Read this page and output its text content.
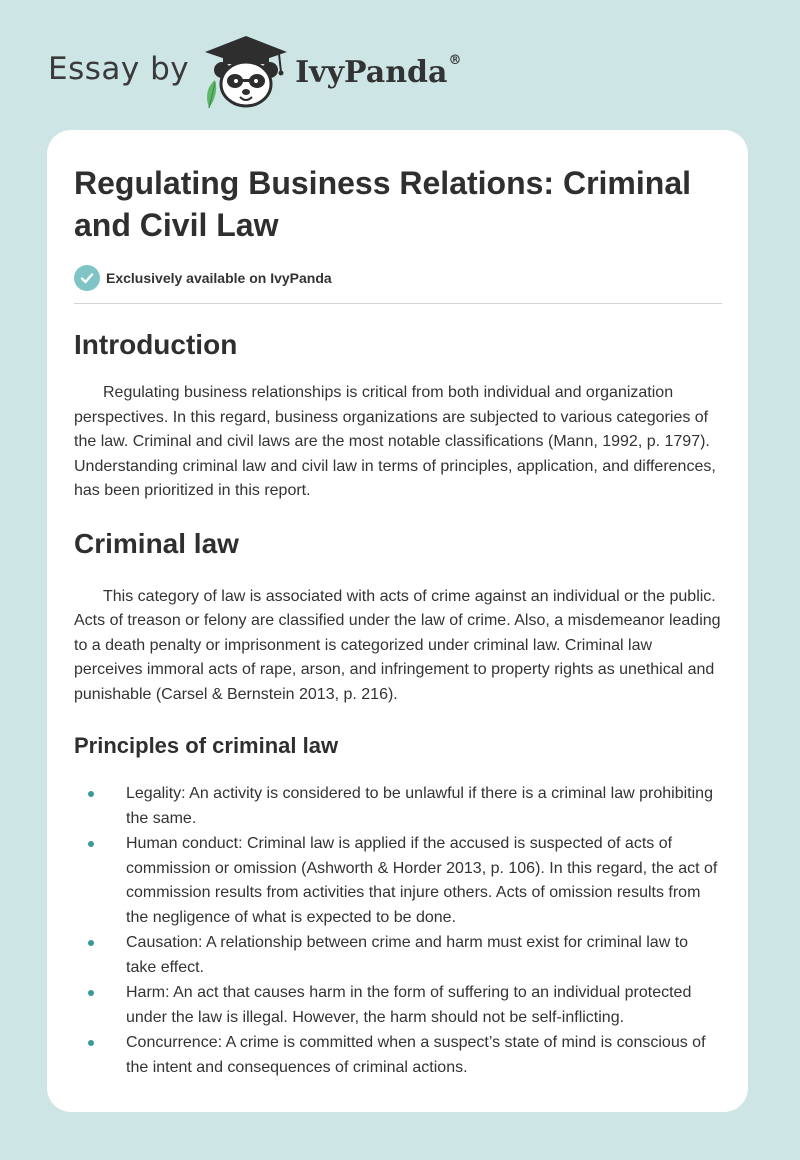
Essay by	IvyPanda®
Regulating Business Relations: Criminal and Civil Law
Exclusively available on IvyPanda
Introduction

Regulating business relationships is critical from both individual and organization perspectives. In this regard, business organizations are subjected to various categories of the law. Criminal and civil laws are the most notable classifications (Mann, 1992, p. 1797). Understanding criminal law and civil law in terms of principles, application, and differences, has been prioritized in this report.

Criminal law

This category of law is associated with acts of crime against an individual or the public. Acts of treason or felony are classified under the law of crime. Also, a misdemeanor leading to a death penalty or imprisonment is categorized under criminal law. Criminal law perceives immoral acts of rape, arson, and infringement to property rights as unethical and punishable (Carsel & Bernstein 2013, p. 216).

Principles of criminal law
Legality: An activity is considered to be unlawful if there is a criminal law prohibiting the same.
Human conduct: Criminal law is applied if the accused is suspected of acts of commission or omission (Ashworth & Horder 2013, p. 106). In this regard, the act of commission results from activities that injure others. Acts of omission results from the negligence of what is expected to be done.
Causation: A relationship between crime and harm must exist for criminal law to take effect.
Harm: An act that causes harm in the form of suffering to an individual protected under the law is illegal. However, the harm should not be self-inflicting.
Concurrence: A crime is committed when a suspect’s state of mind is conscious of the intent and consequences of criminal actions.
